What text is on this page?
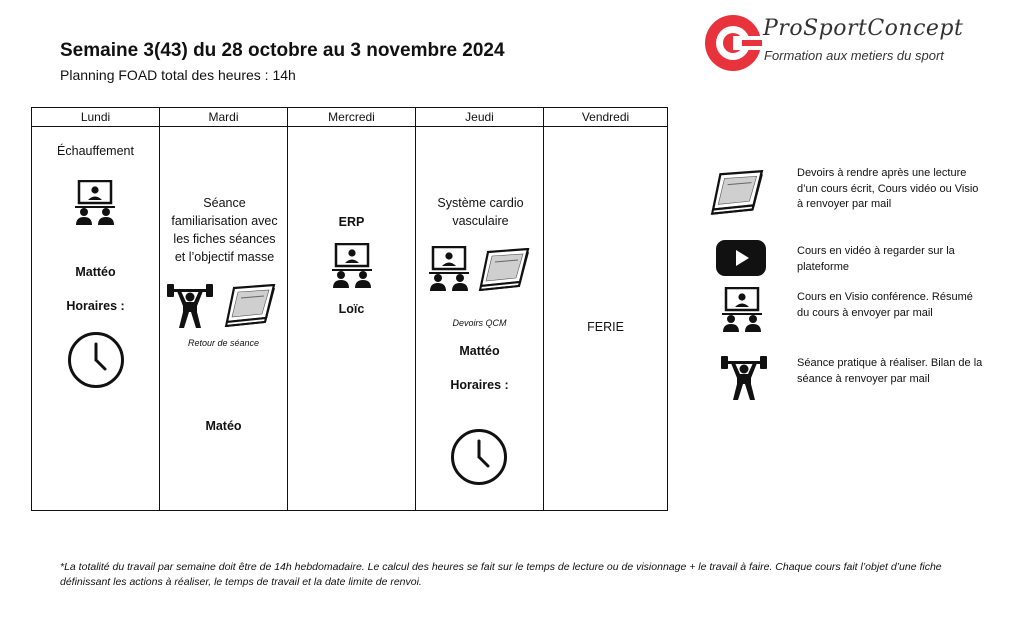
Semaine 3(43) du 28 octobre au 3 novembre 2024
Planning FOAD total des heures : 14h
ProSportConcept
Formation aux metiers du sport
Lundi
Échauffement
Mattéo
Horaires :
Mardi
Séance familiarisation avec les fiches séances et l’objectif masse
Retour de séance
Matéo
Mercredi
ERP
Loïc
Jeudi
Système cardio vasculaire
Devoirs QCM
Mattéo
Horaires :
Vendredi
FERIE
Devoirs à rendre après une lecture d’un cours écrit, Cours vidéo ou Visio à renvoyer par mail
Cours en vidéo à regarder sur la plateforme
Cours en Visio conférence. Résumé du cours à envoyer par mail
Séance pratique à réaliser. Bilan de la séance à renvoyer par mail
*La totalité du travail par semaine doit être de 14h hebdomadaire. Le calcul des heures se fait sur le temps de lecture ou de visionnage + le travail à faire. Chaque cours fait l’objet d’une fiche définissant les actions à réaliser, le temps de travail et la date limite de renvoi.
